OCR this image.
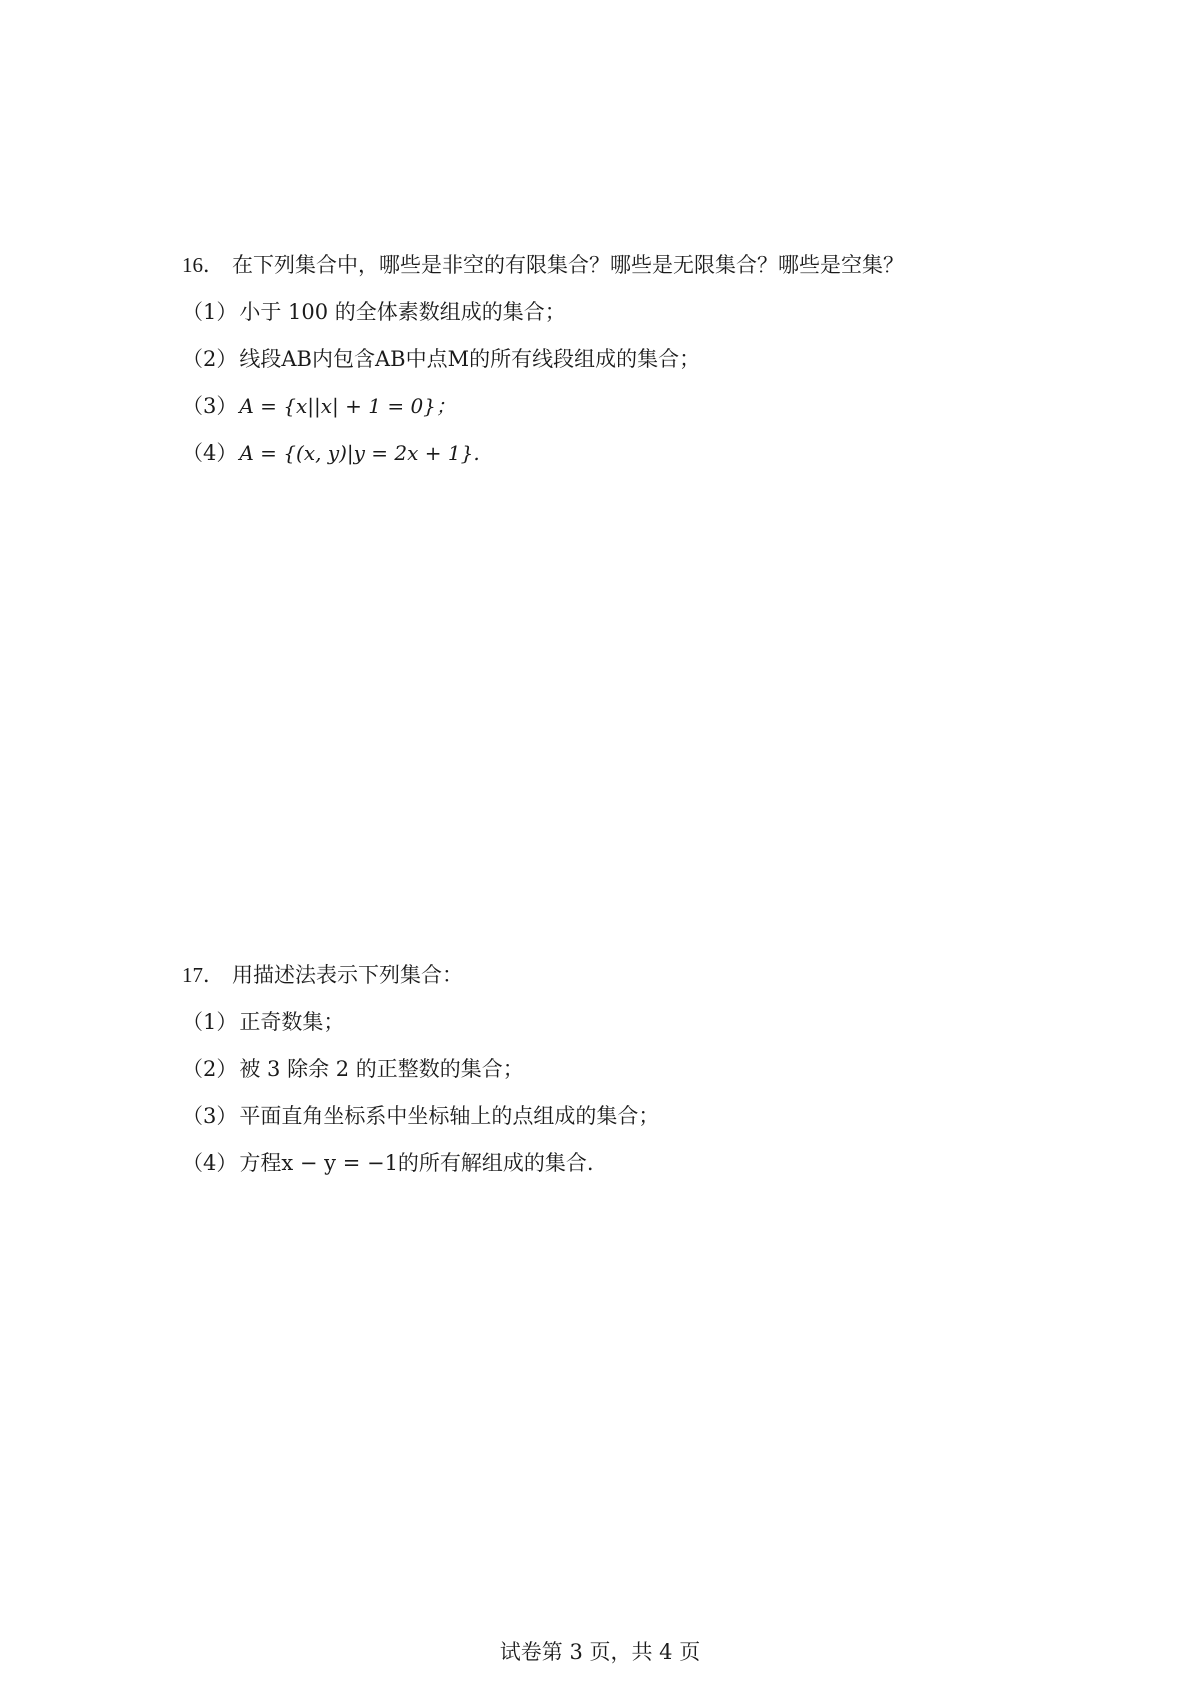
16． 在下列集合中，哪些是非空的有限集合？哪些是无限集合？哪些是空集？
（1）小于 100 的全体素数组成的集合；
（2）线段AB内包含AB中点M的所有线段组成的集合；
（3） A = {x||x| + 1 = 0}；
（4） A = {(x, y)|y = 2x + 1}.
17． 用描述法表示下列集合：
（1）正奇数集；
（2）被 3 除余 2 的正整数的集合；
（3）平面直角坐标系中坐标轴上的点组成的集合；
（4）方程x − y = −1的所有解组成的集合.
试卷第 3 页，共 4 页
